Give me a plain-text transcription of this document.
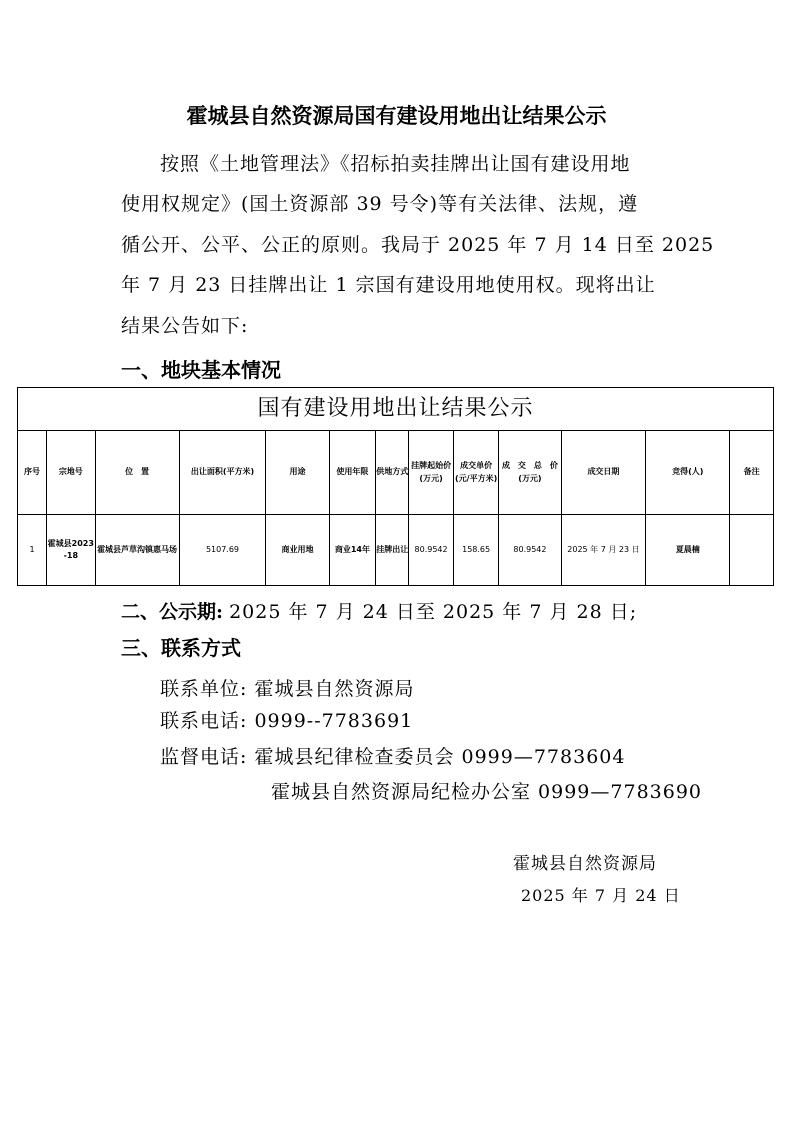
霍城县自然资源局国有建设用地出让结果公示
按照《土地管理法》《招标拍卖挂牌出让国有建设用地
使用权规定》(国土资源部 39 号令)等有关法律、法规，遵
循公开、公平、公正的原则。我局于 2025 年 7 月 14 日至 2025
年 7 月 23 日挂牌出让 1 宗国有建设用地使用权。现将出让
结果公告如下:
一、地块基本情况
国有建设用地出让结果公示												

序号	宗地号	位　置	出让面积(平方米)	用途	使用年限	供地方式	挂牌起始价(万元)	成交单价(元/平方米)	成　交　总　价(万元)	成交日期	竞得(人)	备注

1	霍城县2023-18	霍城县芦草沟镇惠马场	5107.69	商业用地	商业14年	挂牌出让	80.9542	158.65	80.9542	2025 年 7 月 23 日	夏晨楠	

二、公示期: 2025 年 7 月 24 日至 2025 年 7 月 28 日;
三、联系方式
联系单位: 霍城县自然资源局
联系电话: 0999--7783691
监督电话: 霍城县纪律检查委员会 0999—7783604
霍城县自然资源局纪检办公室 0999—7783690
霍城县自然资源局
2025 年 7 月 24 日
